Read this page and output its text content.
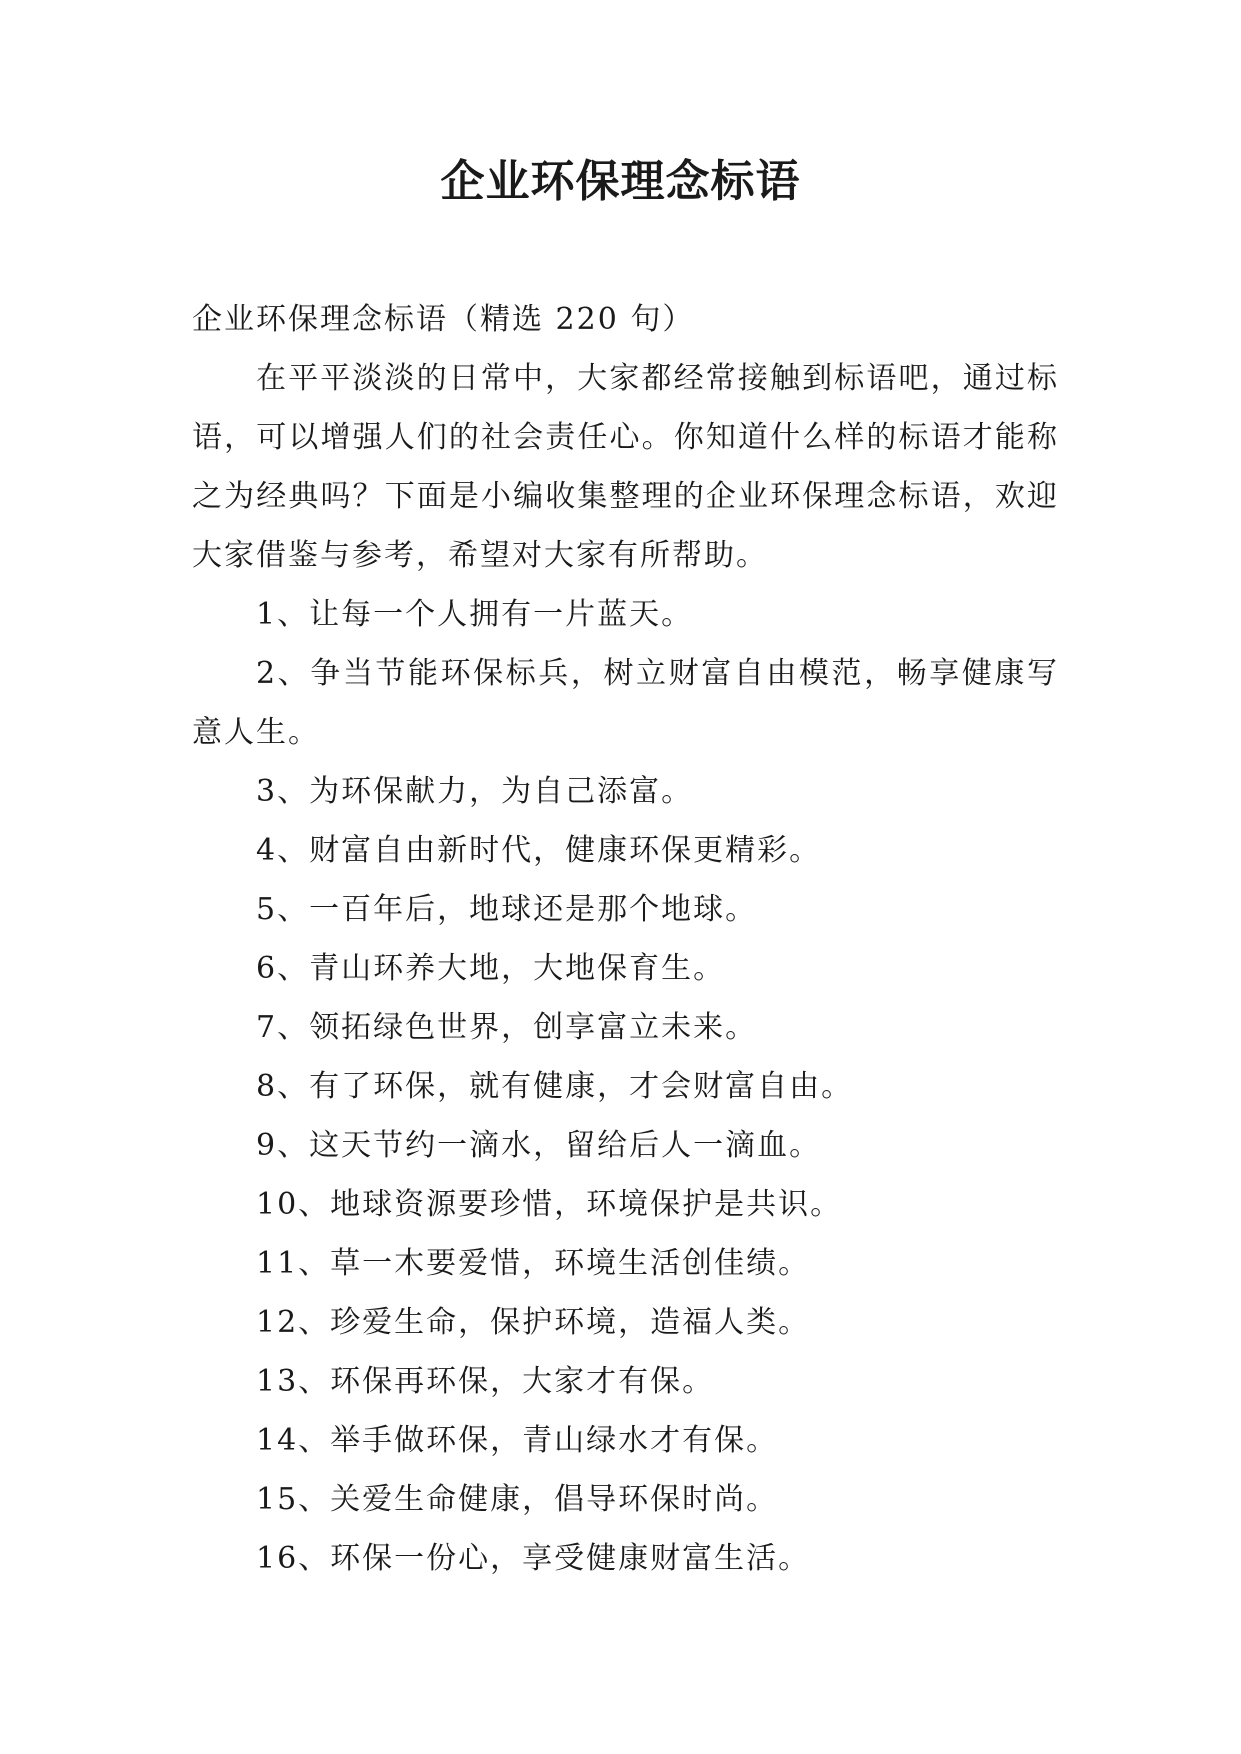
企业环保理念标语

企业环保理念标语（精选 220 句）

在平平淡淡的日常中，大家都经常接触到标语吧，通过标语，可以增强人们的社会责任心。你知道什么样的标语才能称之为经典吗？下面是小编收集整理的企业环保理念标语，欢迎大家借鉴与参考，希望对大家有所帮助。

1、让每一个人拥有一片蓝天。
2、争当节能环保标兵，树立财富自由模范，畅享健康写意人生。
3、为环保献力，为自己添富。
4、财富自由新时代，健康环保更精彩。
5、一百年后，地球还是那个地球。
6、青山环养大地，大地保育生。
7、领拓绿色世界，创享富立未来。
8、有了环保，就有健康，才会财富自由。
9、这天节约一滴水，留给后人一滴血。
10、地球资源要珍惜，环境保护是共识。
11、草一木要爱惜，环境生活创佳绩。
12、珍爱生命，保护环境，造福人类。
13、环保再环保，大家才有保。
14、举手做环保，青山绿水才有保。
15、关爱生命健康，倡导环保时尚。
16、环保一份心，享受健康财富生活。
